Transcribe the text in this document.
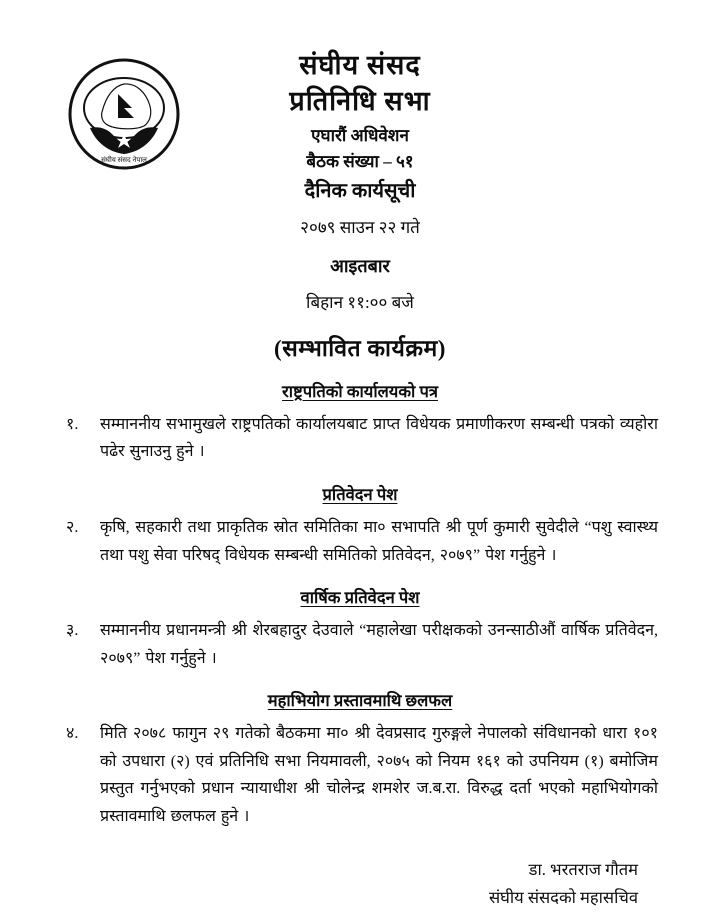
संघीय संसद नेपाल
संघीय संसद
प्रतिनिधि सभा
एघारौं अधिवेशन
बैठक संख्या – ५१
दैनिक कार्यसूची
२०७९ साउन २२ गते
आइतबार
बिहान ११:०० बजे
(सम्भावित कार्यक्रम)
राष्ट्रपतिको कार्यालयको पत्र
१.	सम्माननीय सभामुखले राष्ट्रपतिको कार्यालयबाट प्राप्त विधेयक प्रमाणीकरण सम्बन्धी पत्रको व्यहोरा पढेर सुनाउनु हुने ।
प्रतिवेदन पेश
२.	कृषि, सहकारी तथा प्राकृतिक स्रोत समितिका मा० सभापति श्री पूर्ण कुमारी सुवेदीले “पशु स्वास्थ्य तथा पशु सेवा परिषद् विधेयक सम्बन्धी समितिको प्रतिवेदन, २०७९” पेश गर्नुहुने ।
वार्षिक प्रतिवेदन पेश
३.	सम्माननीय प्रधानमन्त्री श्री शेरबहादुर देउवाले “महालेखा परीक्षकको उनन्साठीऔं वार्षिक प्रतिवेदन, २०७९” पेश गर्नुहुने ।
महाभियोग प्रस्तावमाथि छलफल
४.	मिति २०७८ फागुन २९ गतेको बैठकमा मा० श्री देवप्रसाद गुरुङ्गले नेपालको संविधानको धारा १०१ को उपधारा (२) एवं प्रतिनिधि सभा नियमावली, २०७५ को नियम १६१ को उपनियम (१) बमोजिम प्रस्तुत गर्नुभएको प्रधान न्यायाधीश श्री चोलेन्द्र शमशेर ज.ब.रा. विरुद्ध दर्ता भएको महाभियोगको प्रस्तावमाथि छलफल हुने ।
डा. भरतराज गौतम
संघीय संसदको महासचिव
